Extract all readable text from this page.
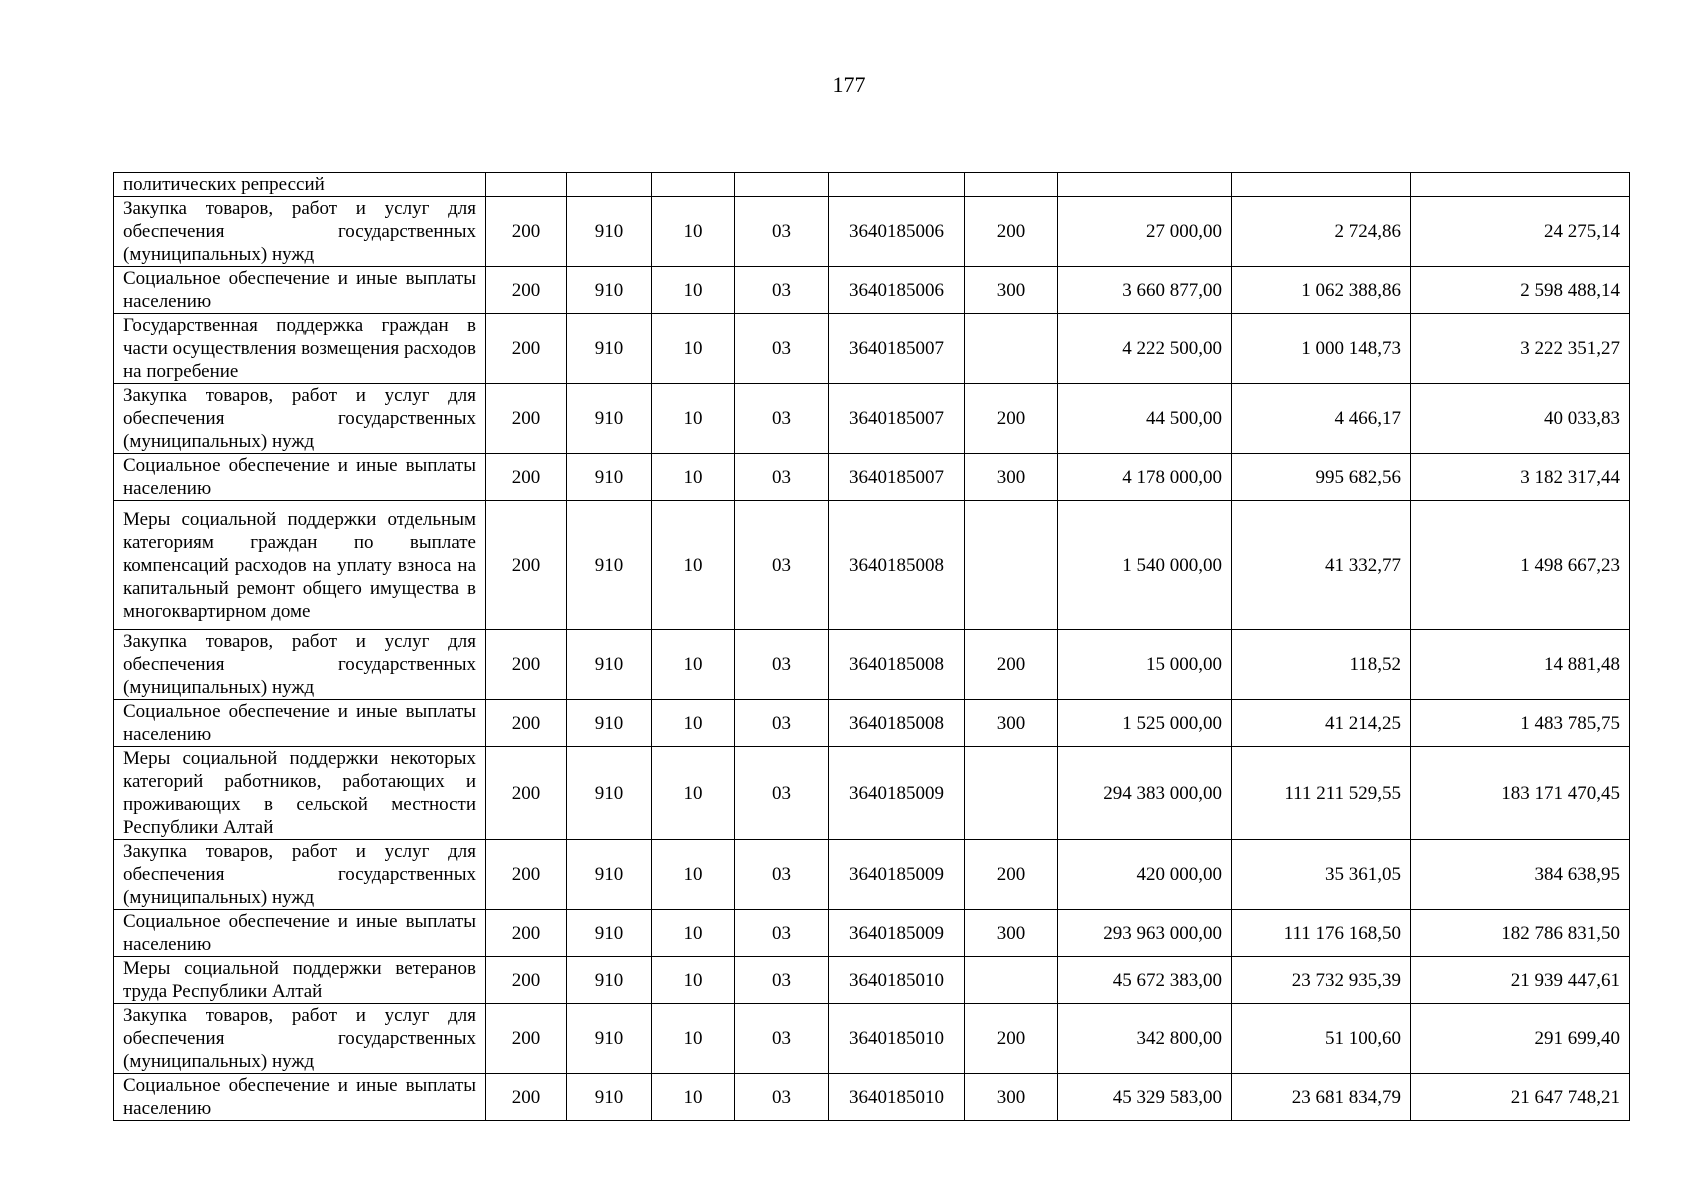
177
политических репрессий									
Закупка товаров, работ и услуг для обеспечения государственных (муниципальных) нужд	200	910	10	03	3640185006	200	27 000,00	2 724,86	24 275,14
Социальное обеспечение и иные выплаты населению	200	910	10	03	3640185006	300	3 660 877,00	1 062 388,86	2 598 488,14
Государственная поддержка граждан в части осуществления возмещения расходов на погребение	200	910	10	03	3640185007		4 222 500,00	1 000 148,73	3 222 351,27
Закупка товаров, работ и услуг для обеспечения государственных (муниципальных) нужд	200	910	10	03	3640185007	200	44 500,00	4 466,17	40 033,83
Социальное обеспечение и иные выплаты населению	200	910	10	03	3640185007	300	4 178 000,00	995 682,56	3 182 317,44
Меры социальной поддержки отдельным категориям граждан по выплате компенсаций расходов на уплату взноса на капитальный ремонт общего имущества в многоквартирном доме	200	910	10	03	3640185008		1 540 000,00	41 332,77	1 498 667,23
Закупка товаров, работ и услуг для обеспечения государственных (муниципальных) нужд	200	910	10	03	3640185008	200	15 000,00	118,52	14 881,48
Социальное обеспечение и иные выплаты населению	200	910	10	03	3640185008	300	1 525 000,00	41 214,25	1 483 785,75
Меры социальной поддержки некоторых категорий работников, работающих и проживающих в сельской местности Республики Алтай	200	910	10	03	3640185009		294 383 000,00	111 211 529,55	183 171 470,45
Закупка товаров, работ и услуг для обеспечения государственных (муниципальных) нужд	200	910	10	03	3640185009	200	420 000,00	35 361,05	384 638,95
Социальное обеспечение и иные выплаты населению	200	910	10	03	3640185009	300	293 963 000,00	111 176 168,50	182 786 831,50
Меры социальной поддержки ветеранов труда Республики Алтай	200	910	10	03	3640185010		45 672 383,00	23 732 935,39	21 939 447,61
Закупка товаров, работ и услуг для обеспечения государственных (муниципальных) нужд	200	910	10	03	3640185010	200	342 800,00	51 100,60	291 699,40
Социальное обеспечение и иные выплаты населению	200	910	10	03	3640185010	300	45 329 583,00	23 681 834,79	21 647 748,21
